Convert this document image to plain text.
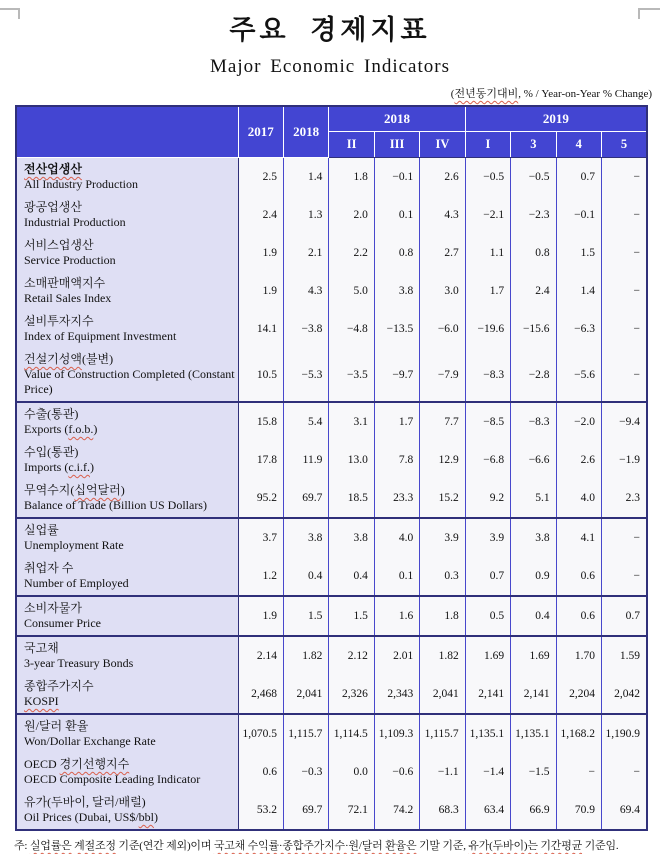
주요 경제지표
Major Economic Indicators
(전년동기대비, % / Year-on-Year % Change)
	2017	2018	2018			2019			
			II	III	IV	I	3	4	5

전산업생산
All Industry Production	2.5	1.4	1.8	−0.1	2.6	−0.5	−0.5	0.7	−

광공업생산
Industrial Production	2.4	1.3	2.0	0.1	4.3	−2.1	−2.3	−0.1	−

서비스업생산
Service Production	1.9	2.1	2.2	0.8	2.7	1.1	0.8	1.5	−

소매판매액지수
Retail Sales Index	1.9	4.3	5.0	3.8	3.0	1.7	2.4	1.4	−

설비투자지수
Index of Equipment Investment	14.1	−3.8	−4.8	−13.5	−6.0	−19.6	−15.6	−6.3	−

건설기성액(불변)
Value of Construction Completed (Constant Price)	10.5	−5.3	−3.5	−9.7	−7.9	−8.3	−2.8	−5.6	−

수출(통관)
Exports (f.o.b.)	15.8	5.4	3.1	1.7	7.7	−8.5	−8.3	−2.0	−9.4

수입(통관)
Imports (c.i.f.)	17.8	11.9	13.0	7.8	12.9	−6.8	−6.6	2.6	−1.9

무역수지(십억달러)
Balance of Trade (Billion US Dollars)	95.2	69.7	18.5	23.3	15.2	9.2	5.1	4.0	2.3

실업률
Unemployment Rate	3.7	3.8	3.8	4.0	3.9	3.9	3.8	4.1	−

취업자 수
Number of Employed	1.2	0.4	0.4	0.1	0.3	0.7	0.9	0.6	−

소비자물가
Consumer Price	1.9	1.5	1.5	1.6	1.8	0.5	0.4	0.6	0.7

국고채
3-year Treasury Bonds	2.14	1.82	2.12	2.01	1.82	1.69	1.69	1.70	1.59

종합주가지수
KOSPI	2,468	2,041	2,326	2,343	2,041	2,141	2,141	2,204	2,042

원/달러 환율
Won/Dollar Exchange Rate	1,070.5	1,115.7	1,114.5	1,109.3	1,115.7	1,135.1	1,135.1	1,168.2	1,190.9

OECD 경기선행지수
OECD Composite Leading Indicator	0.6	−0.3	0.0	−0.6	−1.1	−1.4	−1.5	−	−

유가(두바이, 달러/배럴)
Oil Prices (Dubai, US$/bbl)	53.2	69.7	72.1	74.2	68.3	63.4	66.9	70.9	69.4
주: 실업률은 계절조정 기준(연간 제외)이며 국고채 수익률·종합주가지수·원/달러 환율은 기말 기준, 유가(두바이)는 기간평균 기준임.
